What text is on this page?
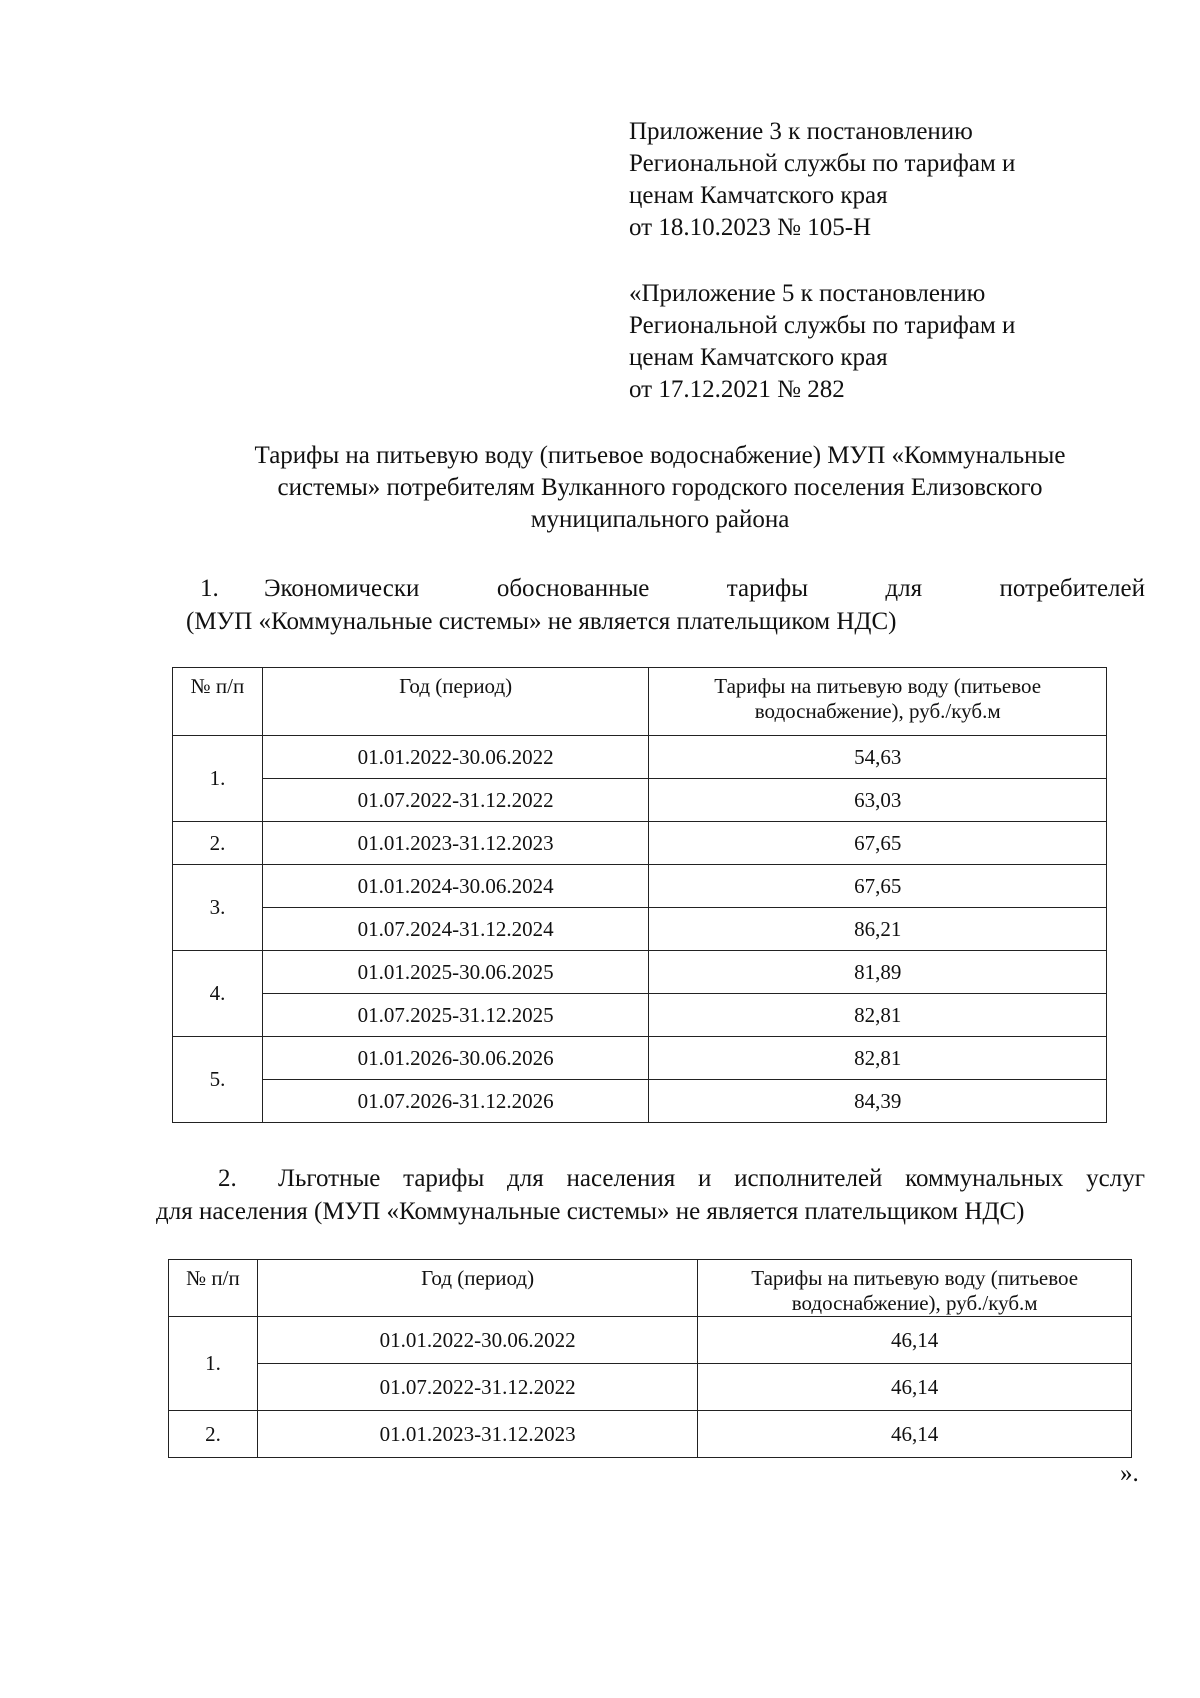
Приложение 3 к постановлению
Региональной службы по тарифам и
ценам Камчатского края
от 18.10.2023 № 105-Н
«Приложение 5 к постановлению
Региональной службы по тарифам и
ценам Камчатского края
от 17.12.2021 № 282
Тарифы на питьевую воду (питьевое водоснабжение) МУП «Коммунальные
системы» потребителям Вулканного городского поселения Елизовского
муниципального района
1. Экономически обоснованные тарифы для потребителей
(МУП «Коммунальные системы» не является плательщиком НДС)
№ п/п	Год (период)	Тарифы на питьевую воду (питьевое водоснабжение), руб./куб.м
1.	01.01.2022-30.06.2022	54,63
	01.07.2022-31.12.2022	63,03
2.	01.01.2023-31.12.2023	67,65
3.	01.01.2024-30.06.2024	67,65
	01.07.2024-31.12.2024	86,21
4.	01.01.2025-30.06.2025	81,89
	01.07.2025-31.12.2025	82,81
5.	01.01.2026-30.06.2026	82,81
	01.07.2026-31.12.2026	84,39
2. Льготные тарифы для населения и исполнителей коммунальных услуг
для населения (МУП «Коммунальные системы» не является плательщиком НДС)
№ п/п	Год (период)	Тарифы на питьевую воду (питьевое водоснабжение), руб./куб.м
1.	01.01.2022-30.06.2022	46,14
	01.07.2022-31.12.2022	46,14
2.	01.01.2023-31.12.2023	46,14
».
